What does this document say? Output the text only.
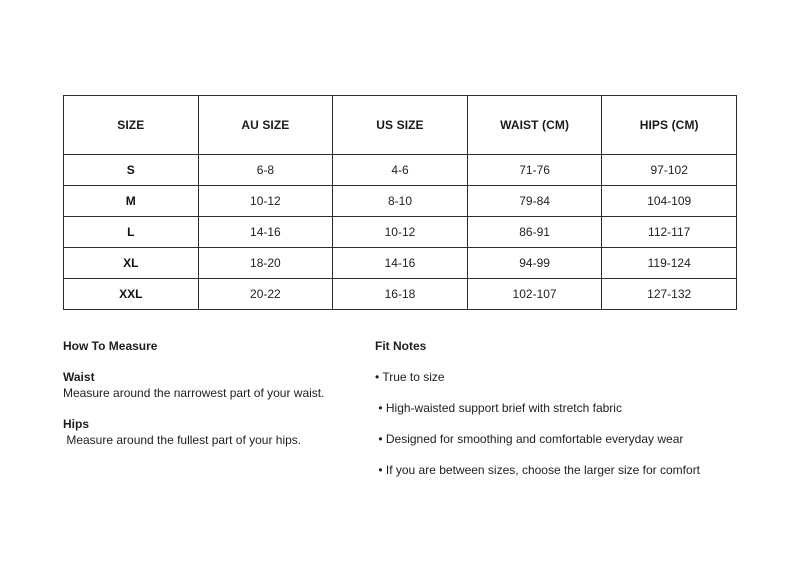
SIZE	AU SIZE	US SIZE	WAIST (CM)	HIPS (CM)
S	6-8	4-6	71-76	97-102
M	10-12	8-10	79-84	104-109
L	14-16	10-12	86-91	112-117
XL	18-20	14-16	94-99	119-124
XXL	20-22	16-18	102-107	127-132
How To Measure
Waist
Measure around the narrowest part of your waist.
Hips
Measure around the fullest part of your hips.
Fit Notes
• True to size
• High-waisted support brief with stretch fabric
• Designed for smoothing and comfortable everyday wear
• If you are between sizes, choose the larger size for comfort
